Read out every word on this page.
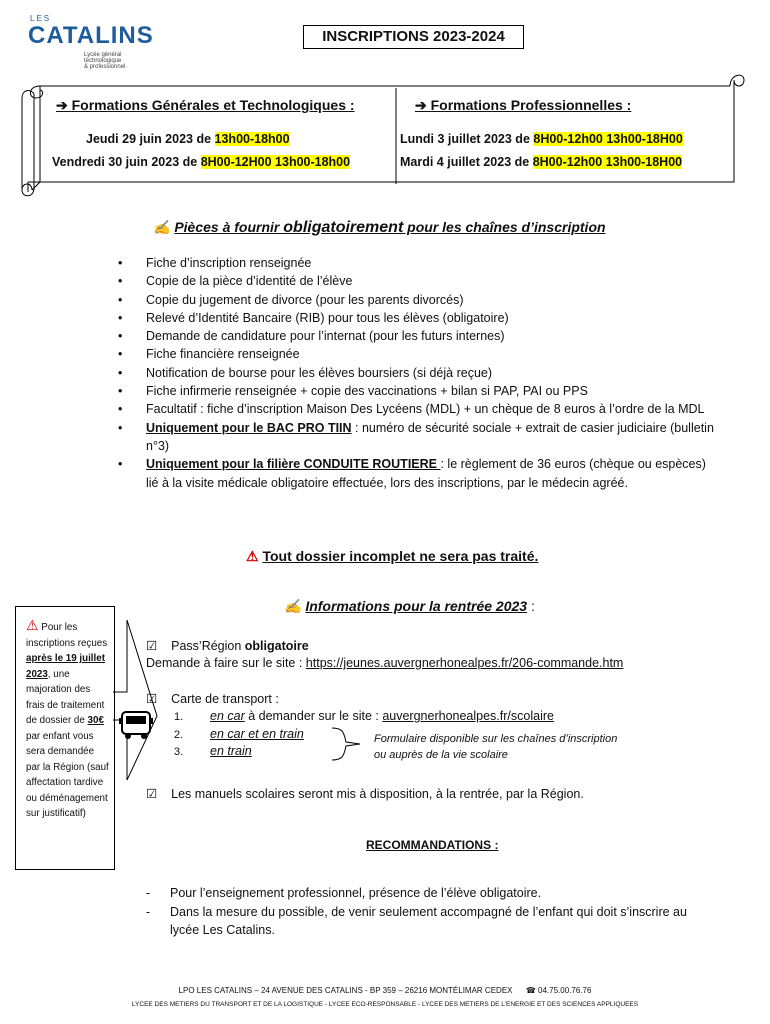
LES
CATALINS
Lycée général
technologique
& professionnel
INSCRIPTIONS 2023-2024
➔ Formations Générales et Technologiques :	➔ Formations Professionnelles :
Jeudi 29 juin 2023 de 13h00-18h00
Vendredi 30 juin 2023 de 8H00-12H00 13h00-18h00
Lundi 3 juillet 2023 de 8H00-12h00 13h00-18H00
Mardi 4 juillet 2023 de 8H00-12h00 13h00-18H00
✍ Pièces à fournir obligatoirement pour les chaînes d’inscription
• Fiche d’inscription renseignée
• Copie de la pièce d’identité de l’élève
• Copie du jugement de divorce (pour les parents divorcés)
• Relevé d’Identité Bancaire (RIB) pour tous les élèves (obligatoire)
• Demande de candidature pour l’internat (pour les futurs internes)
• Fiche financière renseignée
• Notification de bourse pour les élèves boursiers (si déjà reçue)
• Fiche infirmerie renseignée + copie des vaccinations + bilan si PAP, PAI ou PPS
• Facultatif : fiche d’inscription Maison Des Lycéens (MDL) + un chèque de 8 euros à l’ordre de la MDL
• Uniquement pour le BAC PRO TIIN : numéro de sécurité sociale + extrait de casier judiciaire (bulletin n°3)
• Uniquement pour la filière CONDUITE ROUTIERE : le règlement de 36 euros (chèque ou espèces) lié à la visite médicale obligatoire effectuée, lors des inscriptions, par le médecin agréé.
⚠ Tout dossier incomplet ne sera pas traité.
⚠ Pour les inscriptions reçues après le 19 juillet 2023, une majoration des frais de traitement de dossier de 30€ par enfant vous sera demandée par la Région (sauf affectation tardive ou déménagement sur justificatif)
✍ Informations pour la rentrée 2023 :
☑ Pass’Région obligatoire
Demande à faire sur le site : https://jeunes.auvergnerhonealpes.fr/206-commande.htm
☑ Carte de transport :
1. en car à demander sur le site : auvergnerhonealpes.fr/scolaire
2. en car et en train
3. en train
Formulaire disponible sur les chaînes d’inscription
ou auprès de la vie scolaire
☑ Les manuels scolaires seront mis à disposition, à la rentrée, par la Région.
RECOMMANDATIONS :
- Pour l’enseignement professionnel, présence de l’élève obligatoire.
- Dans la mesure du possible, de venir seulement accompagné de l’enfant qui doit s’inscrire au lycée Les Catalins.
LPO LES CATALINS – 24 AVENUE DES CATALINS - BP 359 – 26216 MONTÉLIMAR CEDEX ☎ 04.75.00.76.76
LYCEE DES METIERS DU TRANSPORT ET DE LA LOGISTIQUE - LYCEE ECO-RESPONSABLE - LYCEE DES METIERS DE L’ENERGIE ET DES SCIENCES APPLIQUEES
